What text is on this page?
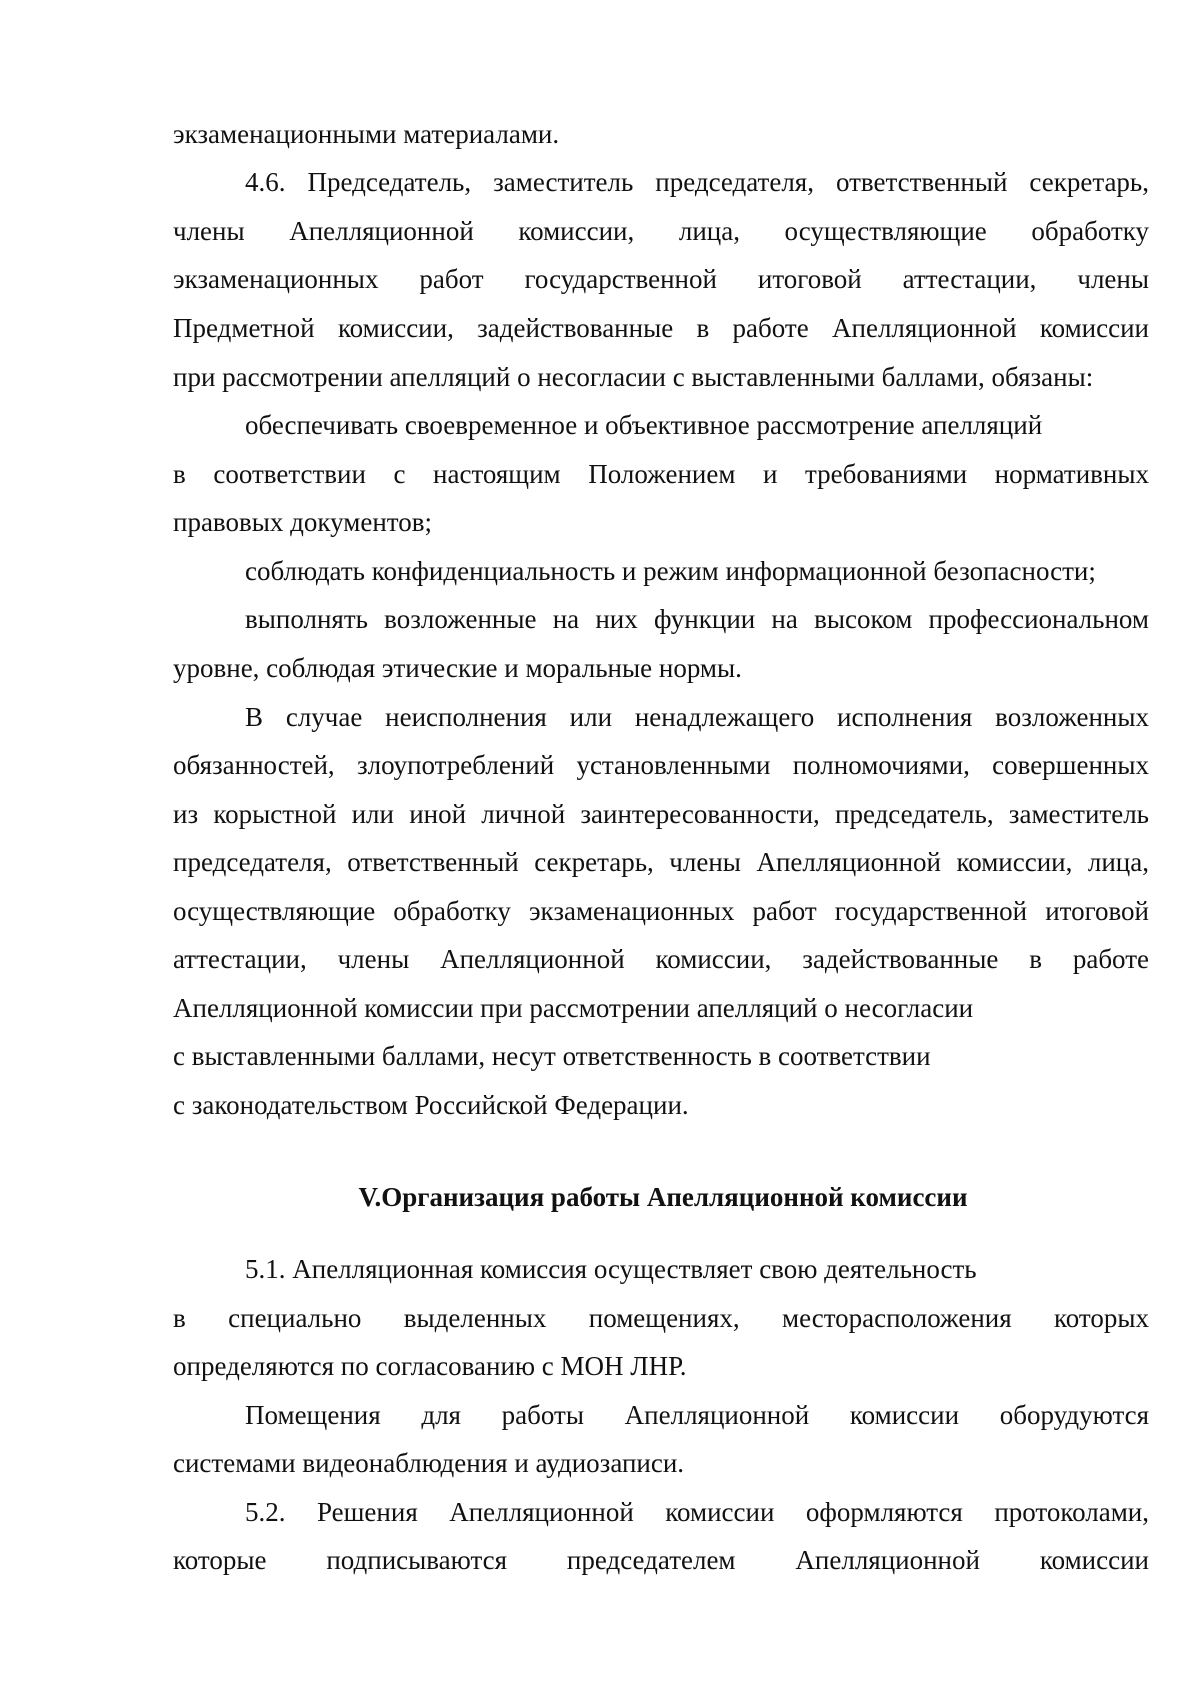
экзаменационными материалами.
4.6. Председатель, заместитель председателя, ответственный секретарь,
члены Апелляционной комиссии, лица, осуществляющие обработку
экзаменационных работ государственной итоговой аттестации, члены
Предметной комиссии, задействованные в работе Апелляционной комиссии
при рассмотрении апелляций о несогласии с выставленными баллами, обязаны:
обеспечивать своевременное и объективное рассмотрение апелляций
в соответствии с настоящим Положением и требованиями нормативных
правовых документов;
соблюдать конфиденциальность и режим информационной безопасности;
выполнять возложенные на них функции на высоком профессиональном
уровне, соблюдая этические и моральные нормы.
В случае неисполнения или ненадлежащего исполнения возложенных
обязанностей, злоупотреблений установленными полномочиями, совершенных
из корыстной или иной личной заинтересованности, председатель, заместитель
председателя, ответственный секретарь, члены Апелляционной комиссии, лица,
осуществляющие обработку экзаменационных работ государственной итоговой
аттестации, члены Апелляционной комиссии, задействованные в работе
Апелляционной комиссии при рассмотрении апелляций о несогласии
с выставленными баллами, несут ответственность в соответствии
с законодательством Российской Федерации.
V.Организация работы Апелляционной комиссии
5.1. Апелляционная комиссия осуществляет свою деятельность
в специально выделенных помещениях, месторасположения которых
определяются по согласованию с МОН ЛНР.
Помещения для работы Апелляционной комиссии оборудуются
системами видеонаблюдения и аудиозаписи.
5.2. Решения Апелляционной комиссии оформляются протоколами,
которые подписываются председателем Апелляционной комиссии
